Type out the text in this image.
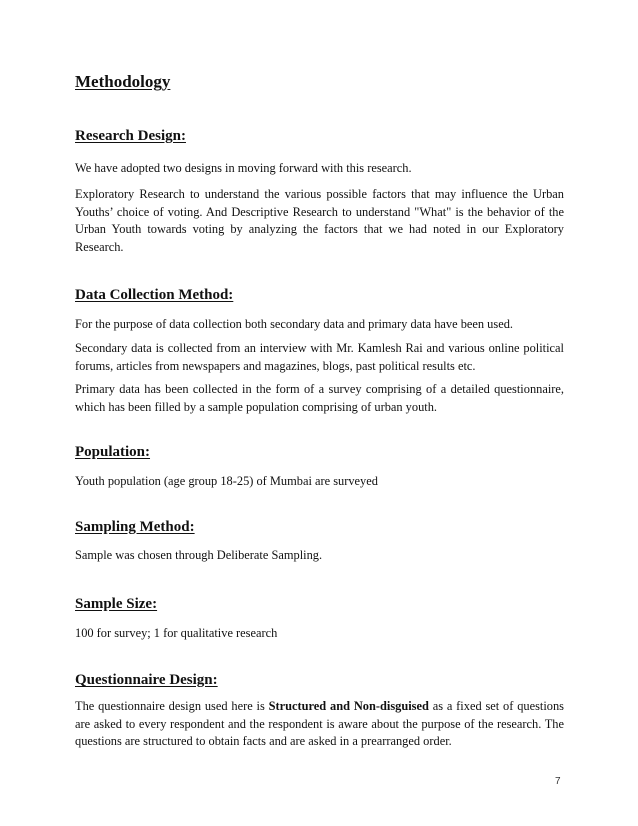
Methodology
Research Design:

We have adopted two designs in moving forward with this research.

Exploratory Research to understand the various possible factors that may influence the Urban Youths’ choice of voting. And Descriptive Research to understand "What" is the behavior of the Urban Youth towards voting by analyzing the factors that we had noted in our Exploratory Research.

Data Collection Method:

For the purpose of data collection both secondary data and primary data have been used.

Secondary data is collected from an interview with Mr. Kamlesh Rai and various online political forums, articles from newspapers and magazines, blogs, past political results etc.

Primary data has been collected in the form of a survey comprising of a detailed questionnaire, which has been filled by a sample population comprising of urban youth.

Population:

Youth population (age group 18-25) of Mumbai are surveyed

Sampling Method:

Sample was chosen through Deliberate Sampling.

Sample Size:

100 for survey; 1 for qualitative research

Questionnaire Design:

The questionnaire design used here is Structured and Non-disguised as a fixed set of questions are asked to every respondent and the respondent is aware about the purpose of the research. The questions are structured to obtain facts and are asked in a prearranged order.

7
